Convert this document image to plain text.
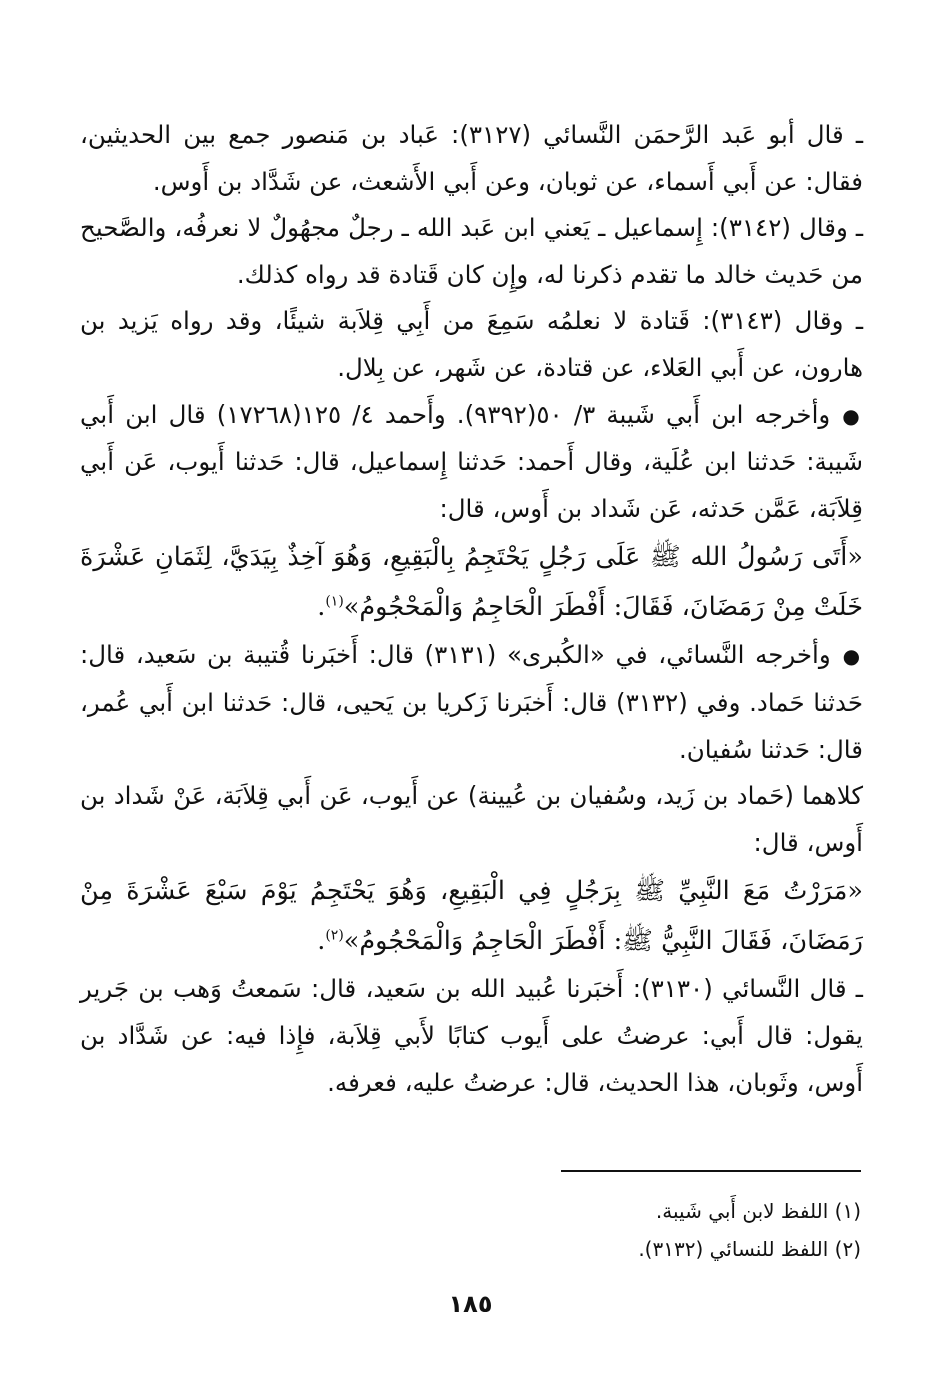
ـ قال أبو عَبد الرَّحمَن النَّسائي (٣١٢٧): عَباد بن مَنصور جمع بين الحديثين، فقال: عن أَبي أَسماء، عن ثوبان، وعن أَبي الأَشعث، عن شَدَّاد بن أَوس.

ـ وقال (٣١٤٢): إِسماعيل ـ يَعني ابن عَبد الله ـ رجلٌ مجهُولٌ لا نعرفُه، والصَّحيح من حَديث خالد ما تقدم ذكرنا له، وإِن كان قَتادة قد رواه كذلك.

ـ وقال (٣١٤٣): قَتادة لا نعلمُه سَمِعَ من أَبِي قِلاَبة شيئًا، وقد رواه يَزيد بن هارون، عن أَبي العَلاء، عن قتادة، عن شَهر، عن بِلال.

●وأخرجه ابن أَبي شَيبة ٣/ ٥٠(٩٣٩٢). وأَحمد ٤/ ١٢٥(١٧٢٦٨) قال ابن أَبي شَيبة: حَدثنا ابن عُلَية، وقال أَحمد: حَدثنا إِسماعيل، قال: حَدثنا أَيوب، عَن أَبي قِلاَبَة، عَمَّن حَدثه، عَن شَداد بن أَوس، قال:

«أَتَى رَسُولُ الله ﷺ عَلَى رَجُلٍ يَحْتَجِمُ بِالْبَقِيعِ، وَهُوَ آخِذٌ بِيَدَيَّ، لِثَمَانِ عَشْرَةَ خَلَتْ مِنْ رَمَضَانَ، فَقَالَ: أَفْطَرَ الْحَاجِمُ وَالْمَحْجُومُ»$^{(١)}$.

●وأخرجه النَّسائي، في «الكُبرى» (٣١٣١) قال: أَخبَرنا قُتيبة بن سَعيد، قال: حَدثنا حَماد. وفي (٣١٣٢) قال: أَخبَرنا زَكريا بن يَحيى، قال: حَدثنا ابن أَبي عُمر، قال: حَدثنا سُفيان.

كلاهما (حَماد بن زَيد، وسُفيان بن عُيينة) عن أَيوب، عَن أَبي قِلاَبَة، عَنْ شَداد بن أَوس، قال:

«مَرَرْتُ مَعَ النَّبِيِّ ﷺ بِرَجُلٍ فِي الْبَقِيعِ، وَهُوَ يَحْتَجِمُ يَوْمَ سَبْعَ عَشْرَةَ مِنْ رَمَضَانَ، فَقَالَ النَّبِيُّ ﷺ: أَفْطَرَ الْحَاجِمُ وَالْمَحْجُومُ»$^{(٢)}$.

ـ قال النَّسائي (٣١٣٠): أَخبَرنا عُبيد الله بن سَعيد، قال: سَمعتُ وَهب بن جَرير يقول: قال أَبي: عرضتُ على أَيوب كتابًا لأَبي قِلاَبة، فإِذا فيه: عن شَدَّاد بن أَوس، وثَوبان، هذا الحديث، قال: عرضتُ عليه، فعرفه.

(١) اللفظ لابن أَبي شَيبة.

(٢) اللفظ للنسائي (٣١٣٢).

١٨٥
